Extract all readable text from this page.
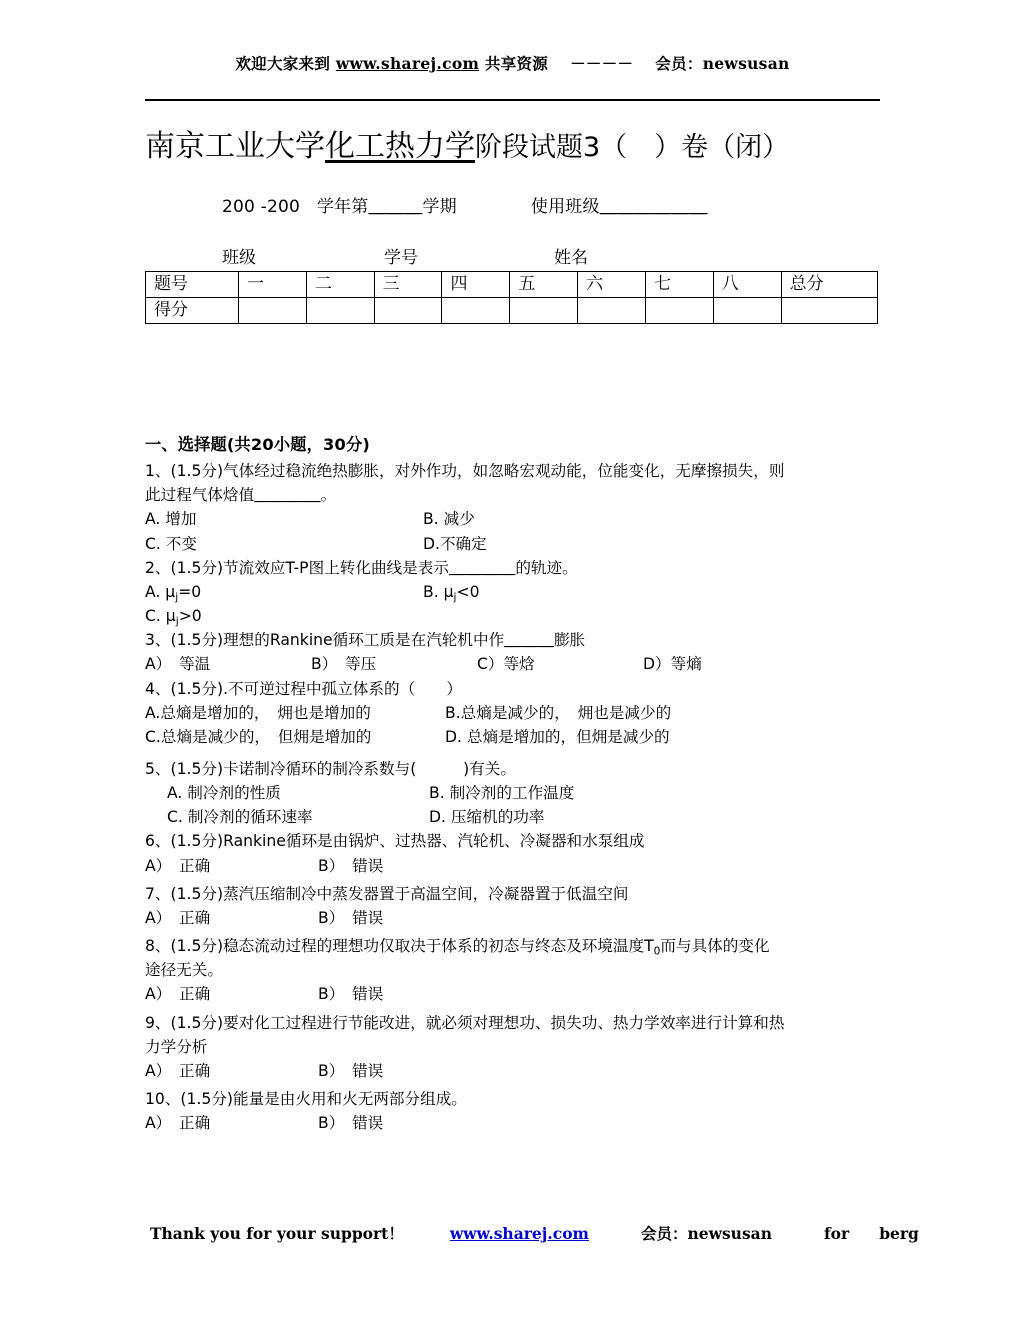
欢迎大家来到 www.sharej.com 共享资源 －－－－ 会员：newsusan
南京工业大学化工热力学阶段试题3（　）卷（闭）
200 -200 学年第＿＿＿学期	使用班级＿＿＿＿＿＿
班级	学号	姓名
题号	一	二	三	四	五	六	七	八	总分
得分									
一、选择题(共20小题，30分)
1、(1.5分)气体经过稳流绝热膨胀，对外作功，如忽略宏观动能，位能变化，无摩擦损失，则
此过程气体焓值＿＿＿＿。
A. 增加	B. 减少
C. 不变	D.不确定
2、(1.5分)节流效应T-P图上转化曲线是表示＿＿＿＿的轨迹。
A. $\mu_j=0$	B. $\mu_j<0$
C. $\mu_j>0$
3、(1.5分)理想的Rankine循环工质是在汽轮机中作＿＿＿膨胀
A）　等温	B）　等压	C）等焓	D）等熵
4、(1.5分).不可逆过程中孤立体系的（　　）
A.总熵是增加的，　㶲也是增加的	B.总熵是减少的，　㶲也是减少的
C.总熵是减少的，　但㶲是增加的	D. 总熵是增加的，但㶲是减少的
5、(1.5分)卡诺制冷循环的制冷系数与(　　　)有关。
A. 制冷剂的性质	B. 制冷剂的工作温度
C. 制冷剂的循环速率	D. 压缩机的功率
6、(1.5分)Rankine循环是由锅炉、过热器、汽轮机、冷凝器和水泵组成
A）　正确	B）　错误
7、(1.5分)蒸汽压缩制冷中蒸发器置于高温空间，冷凝器置于低温空间
A）　正确	B）　错误
8、(1.5分)稳态流动过程的理想功仅取决于体系的初态与终态及环境温度$T_0$而与具体的变化
途径无关。
A）　正确	B）　错误
9、(1.5分)要对化工过程进行节能改进，就必须对理想功、损失功、热力学效率进行计算和热
力学分析
A）　正确	B）　错误
10、(1.5分)能量是由火用和火无两部分组成。
A）　正确	B）　错误
Thank you for your support！	www.sharej.com	会员：newsusan	for berg
